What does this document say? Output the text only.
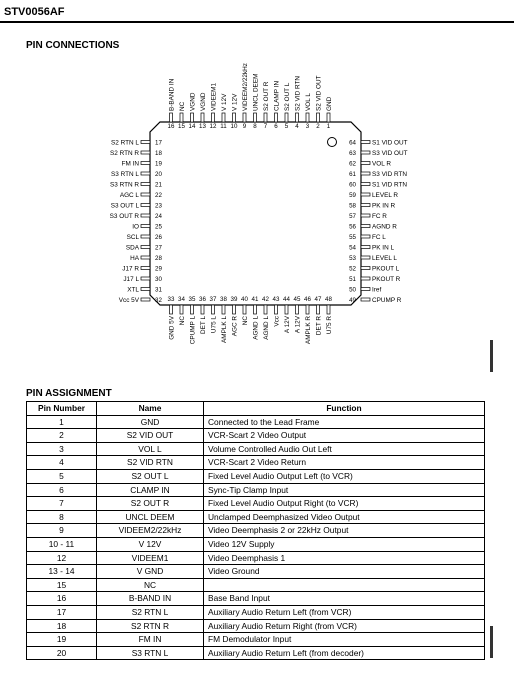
STV0056AF
PIN CONNECTIONS
16
B-BAND IN
15
NC
14
VGND
13
VGND
12
VIDEEM1
11
V 12V
10
V 12V
9
VIDEEM2/22kHz
8
UNCL DEEM
7
S2 OUT R
6
CLAMP IN
5
S2 OUT L
4
S2 VID RTN
3
VOL L
2
S2 VID OUT
1
GND
33
GND 5V
34
NC
35
CPUMP L
36
DET L
37
U75 L
38
AMPLK L
39
AGC R
40
NC
41
AGND L
42
AGND L
43
Vcc
44
A 12V
45
A 12V
46
AMPLK R
47
DET R
48
U75 R
17
S2 RTN L
18
S2 RTN R
19
FM IN
20
S3 RTN L
21
S3 RTN R
22
AGC L
23
S3 OUT L
24
S3 OUT R
25
IO
26
SCL
27
SDA
28
HA
29
J17 R
30
J17 L
31
XTL
32
Vcc 5V
64	S1 VID OUT
63	S3 VID OUT
62	VOL R
61	S3 VID RTN
60	S1 VID RTN
59	LEVEL R
58	PK IN R
57	FC R
56	AGND R
55	FC L
54	PK IN L
53	LEVEL L
52	PKOUT L
51	PKOUT R
50	Iref
49	CPUMP R
PIN ASSIGNMENT
Pin Number	Name	Function
1	GND	Connected to the Lead Frame
2	S2 VID OUT	VCR-Scart 2 Video Output
3	VOL L	Volume Controlled Audio Out Left
4	S2 VID RTN	VCR-Scart 2 Video Return
5	S2 OUT L	Fixed Level Audio Output Left (to VCR)
6	CLAMP IN	Sync-Tip Clamp Input
7	S2 OUT R	Fixed Level Audio Output Right (to VCR)
8	UNCL DEEM	Unclamped Deemphasized Video Output
9	VIDEEM2/22kHz	Video Deemphasis 2 or 22kHz Output
10 - 11	V 12V	Video 12V Supply
12	VIDEEM1	Video Deemphasis 1
13 - 14	V GND	Video Ground
15	NC	
16	B-BAND IN	Base Band Input
17	S2 RTN L	Auxiliary Audio Return Left (from VCR)
18	S2 RTN R	Auxiliary Audio Return Right (from VCR)
19	FM IN	FM Demodulator Input
20	S3 RTN L	Auxiliary Audio Return Left (from decoder)
